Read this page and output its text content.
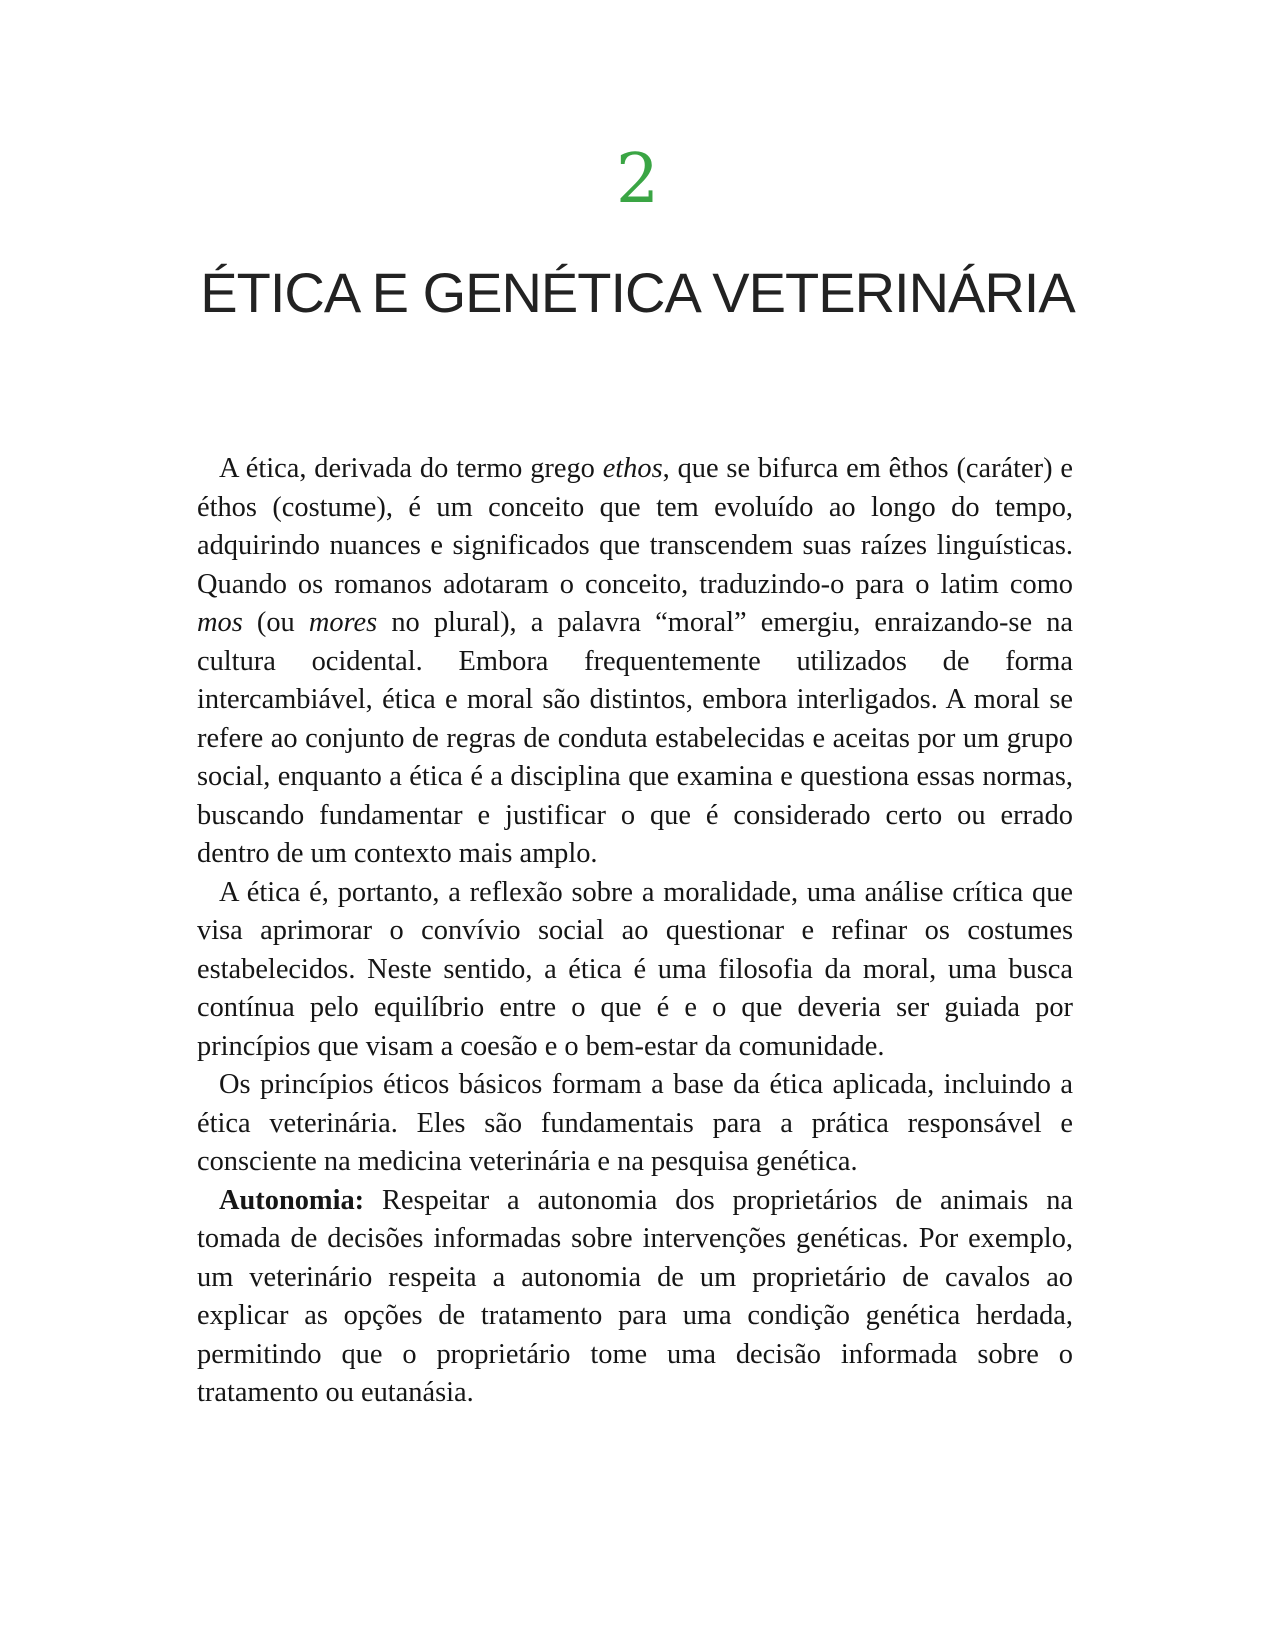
2
ÉTICA E GENÉTICA VETERINÁRIA

A ética, derivada do termo grego ethos, que se bifurca em êthos (caráter) e éthos (costume), é um conceito que tem evoluído ao longo do tempo, adquirindo nuances e significados que transcendem suas raízes linguísticas. Quando os romanos adotaram o conceito, traduzindo-o para o latim como mos (ou mores no plural), a palavra “moral” emergiu, enraizando-se na cultura ocidental. Embora frequentemente utilizados de forma intercambiável, ética e moral são distintos, embora interligados. A moral se refere ao conjunto de regras de conduta estabelecidas e aceitas por um grupo social, enquanto a ética é a disciplina que examina e questiona essas normas, buscando fundamentar e justificar o que é considerado certo ou errado dentro de um contexto mais amplo.

A ética é, portanto, a reflexão sobre a moralidade, uma análise crítica que visa aprimorar o convívio social ao questionar e refinar os costumes estabelecidos. Neste sentido, a ética é uma filosofia da moral, uma busca contínua pelo equilíbrio entre o que é e o que deveria ser guiada por princípios que visam a coesão e o bem-estar da comunidade.

Os princípios éticos básicos formam a base da ética aplicada, incluindo a ética veterinária. Eles são fundamentais para a prática responsável e consciente na medicina veterinária e na pesquisa genética.

Autonomia: Respeitar a autonomia dos proprietários de animais na tomada de decisões informadas sobre intervenções genéticas. Por exemplo, um veterinário respeita a autonomia de um proprietário de cavalos ao explicar as opções de tratamento para uma condição genética herdada, permitindo que o proprietário tome uma decisão informada sobre o tratamento ou eutanásia.
